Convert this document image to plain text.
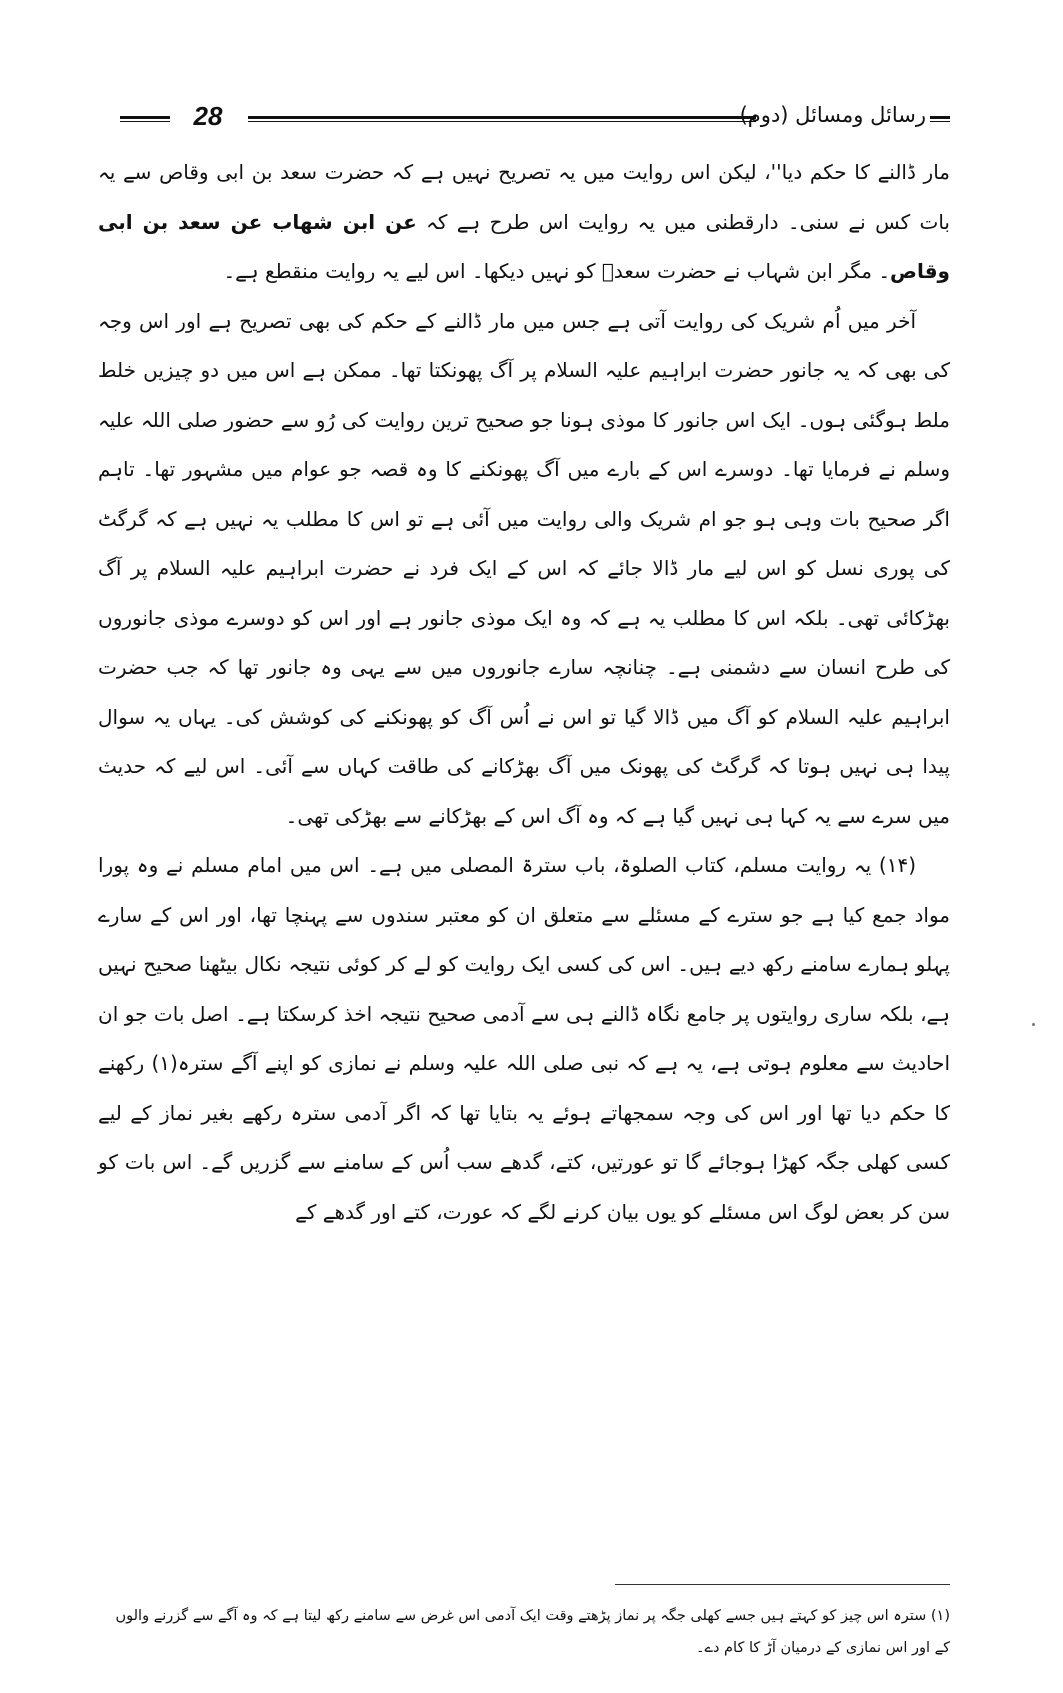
28	رسائل ومسائل (دوم)

مار ڈالنے کا حکم دیا''، لیکن اس روایت میں یہ تصریح نہیں ہے کہ حضرت سعد بن ابی وقاص سے یہ بات کس نے سنی۔ دارقطنی میں یہ روایت اس طرح ہے کہ عن ابن شھاب عن سعد بن ابی وقاص۔ مگر ابن شہاب نے حضرت سعدؓ کو نہیں دیکھا۔ اس لیے یہ روایت منقطع ہے۔

آخر میں اُم شریک کی روایت آتی ہے جس میں مار ڈالنے کے حکم کی بھی تصریح ہے اور اس وجہ کی بھی کہ یہ جانور حضرت ابراہیم علیہ السلام پر آگ پھونکتا تھا۔ ممکن ہے اس میں دو چیزیں خلط ملط ہوگئی ہوں۔ ایک اس جانور کا موذی ہونا جو صحیح ترین روایت کی رُو سے حضور صلی اللہ علیہ وسلم نے فرمایا تھا۔ دوسرے اس کے بارے میں آگ پھونکنے کا وہ قصہ جو عوام میں مشہور تھا۔ تاہم اگر صحیح بات وہی ہو جو ام شریک والی روایت میں آئی ہے تو اس کا مطلب یہ نہیں ہے کہ گرگٹ کی پوری نسل کو اس لیے مار ڈالا جائے کہ اس کے ایک فرد نے حضرت ابراہیم علیہ السلام پر آگ بھڑکائی تھی۔ بلکہ اس کا مطلب یہ ہے کہ وہ ایک موذی جانور ہے اور اس کو دوسرے موذی جانوروں کی طرح انسان سے دشمنی ہے۔ چنانچہ سارے جانوروں میں سے یہی وہ جانور تھا کہ جب حضرت ابراہیم علیہ السلام کو آگ میں ڈالا گیا تو اس نے اُس آگ کو پھونکنے کی کوشش کی۔ یہاں یہ سوال پیدا ہی نہیں ہوتا کہ گرگٹ کی پھونک میں آگ بھڑکانے کی طاقت کہاں سے آئی۔ اس لیے کہ حدیث میں سرے سے یہ کہا ہی نہیں گیا ہے کہ وہ آگ اس کے بھڑکانے سے بھڑکی تھی۔

(۱۴) یہ روایت مسلم، کتاب الصلوۃ، باب سترۃ المصلی میں ہے۔ اس میں امام مسلم نے وہ پورا مواد جمع کیا ہے جو سترے کے مسئلے سے متعلق ان کو معتبر سندوں سے پہنچا تھا، اور اس کے سارے پہلو ہمارے سامنے رکھ دیے ہیں۔ اس کی کسی ایک روایت کو لے کر کوئی نتیجہ نکال بیٹھنا صحیح نہیں ہے، بلکہ ساری روایتوں پر جامع نگاہ ڈالنے ہی سے آدمی صحیح نتیجہ اخذ کرسکتا ہے۔ اصل بات جو ان احادیث سے معلوم ہوتی ہے، یہ ہے کہ نبی صلی اللہ علیہ وسلم نے نمازی کو اپنے آگے سترہ(۱) رکھنے کا حکم دیا تھا اور اس کی وجہ سمجھاتے ہوئے یہ بتایا تھا کہ اگر آدمی سترہ رکھے بغیر نماز کے لیے کسی کھلی جگہ کھڑا ہوجائے گا تو عورتیں، کتے، گدھے سب اُس کے سامنے سے گزریں گے۔ اس بات کو سن کر بعض لوگ اس مسئلے کو یوں بیان کرنے لگے کہ عورت، کتے اور گدھے کے

(۱) سترہ اس چیز کو کہتے ہیں جسے کھلی جگہ پر نماز پڑھتے وقت ایک آدمی اس غرض سے سامنے رکھ لیتا ہے کہ وہ آگے سے گزرنے والوں

کے اور اس نمازی کے درمیان آڑ کا کام دے۔
